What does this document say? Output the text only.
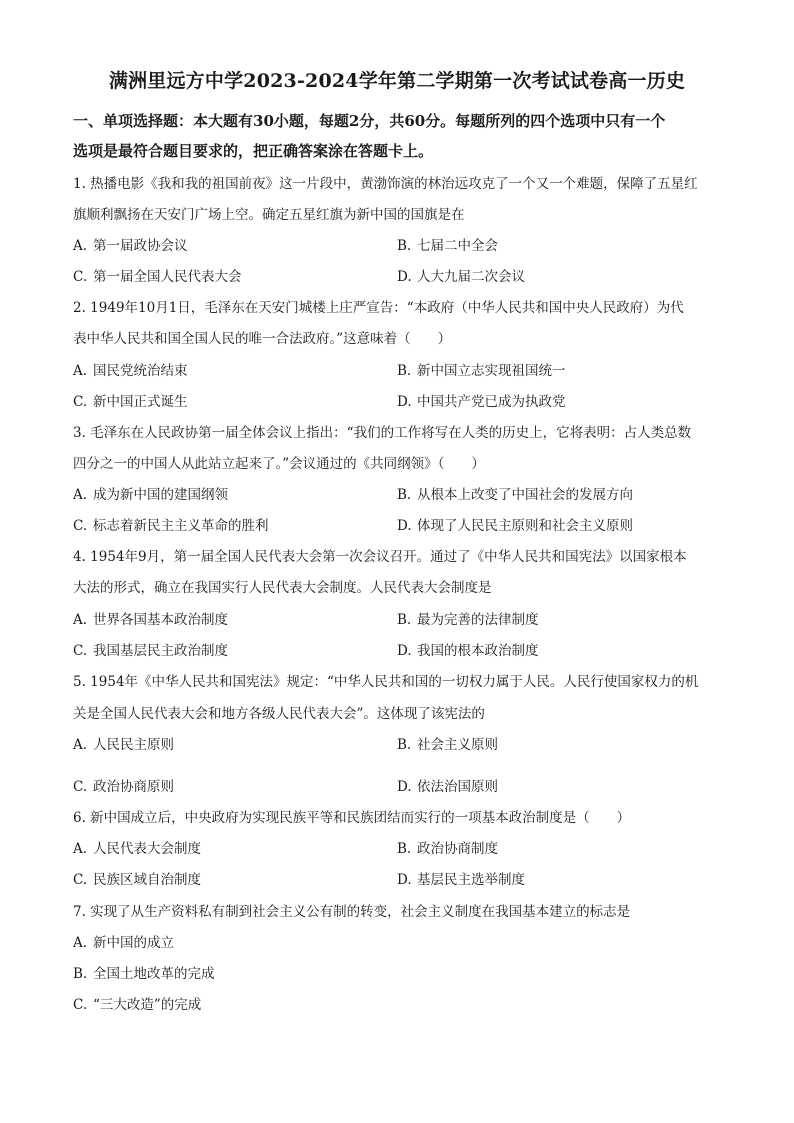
满洲里远方中学2023-2024学年第二学期第一次考试试卷高一历史
一、单项选择题：本大题有30小题，每题2分，共60分。每题所列的四个选项中只有一个
选项是最符合题目要求的，把正确答案涂在答题卡上。
1. 热播电影《我和我的祖国前夜》这一片段中，黄渤饰演的林治远攻克了一个又一个难题，保障了五星红
旗顺利飘扬在天安门广场上空。确定五星红旗为新中国的国旗是在
A. 第一届政协会议	B. 七届二中全会
C. 第一届全国人民代表大会	D. 人大九届二次会议
2. 1949年10月1日，毛泽东在天安门城楼上庄严宣告：“本政府（中华人民共和国中央人民政府）为代
表中华人民共和国全国人民的唯一合法政府。”这意味着（　　）
A. 国民党统治结束	B. 新中国立志实现祖国统一
C. 新中国正式诞生	D. 中国共产党已成为执政党
3. 毛泽东在人民政协第一届全体会议上指出：“我们的工作将写在人类的历史上，它将表明：占人类总数
四分之一的中国人从此站立起来了。”会议通过的《共同纲领》（　　）
A. 成为新中国的建国纲领	B. 从根本上改变了中国社会的发展方向
C. 标志着新民主主义革命的胜利	D. 体现了人民民主原则和社会主义原则
4. 1954年9月，第一届全国人民代表大会第一次会议召开。通过了《中华人民共和国宪法》以国家根本
大法的形式，确立在我国实行人民代表大会制度。人民代表大会制度是
A. 世界各国基本政治制度	B. 最为完善的法律制度
C. 我国基层民主政治制度	D. 我国的根本政治制度
5. 1954年《中华人民共和国宪法》规定：“中华人民共和国的一切权力属于人民。人民行使国家权力的机
关是全国人民代表大会和地方各级人民代表大会”。这体现了该宪法的
A. 人民民主原则	B. 社会主义原则
C. 政治协商原则	D. 依法治国原则
6. 新中国成立后，中央政府为实现民族平等和民族团结而实行的一项基本政治制度是（　　）
A. 人民代表大会制度	B. 政治协商制度
C. 民族区域自治制度	D. 基层民主选举制度
7. 实现了从生产资料私有制到社会主义公有制的转变，社会主义制度在我国基本建立的标志是
A. 新中国的成立
B. 全国土地改革的完成
C. “三大改造”的完成
